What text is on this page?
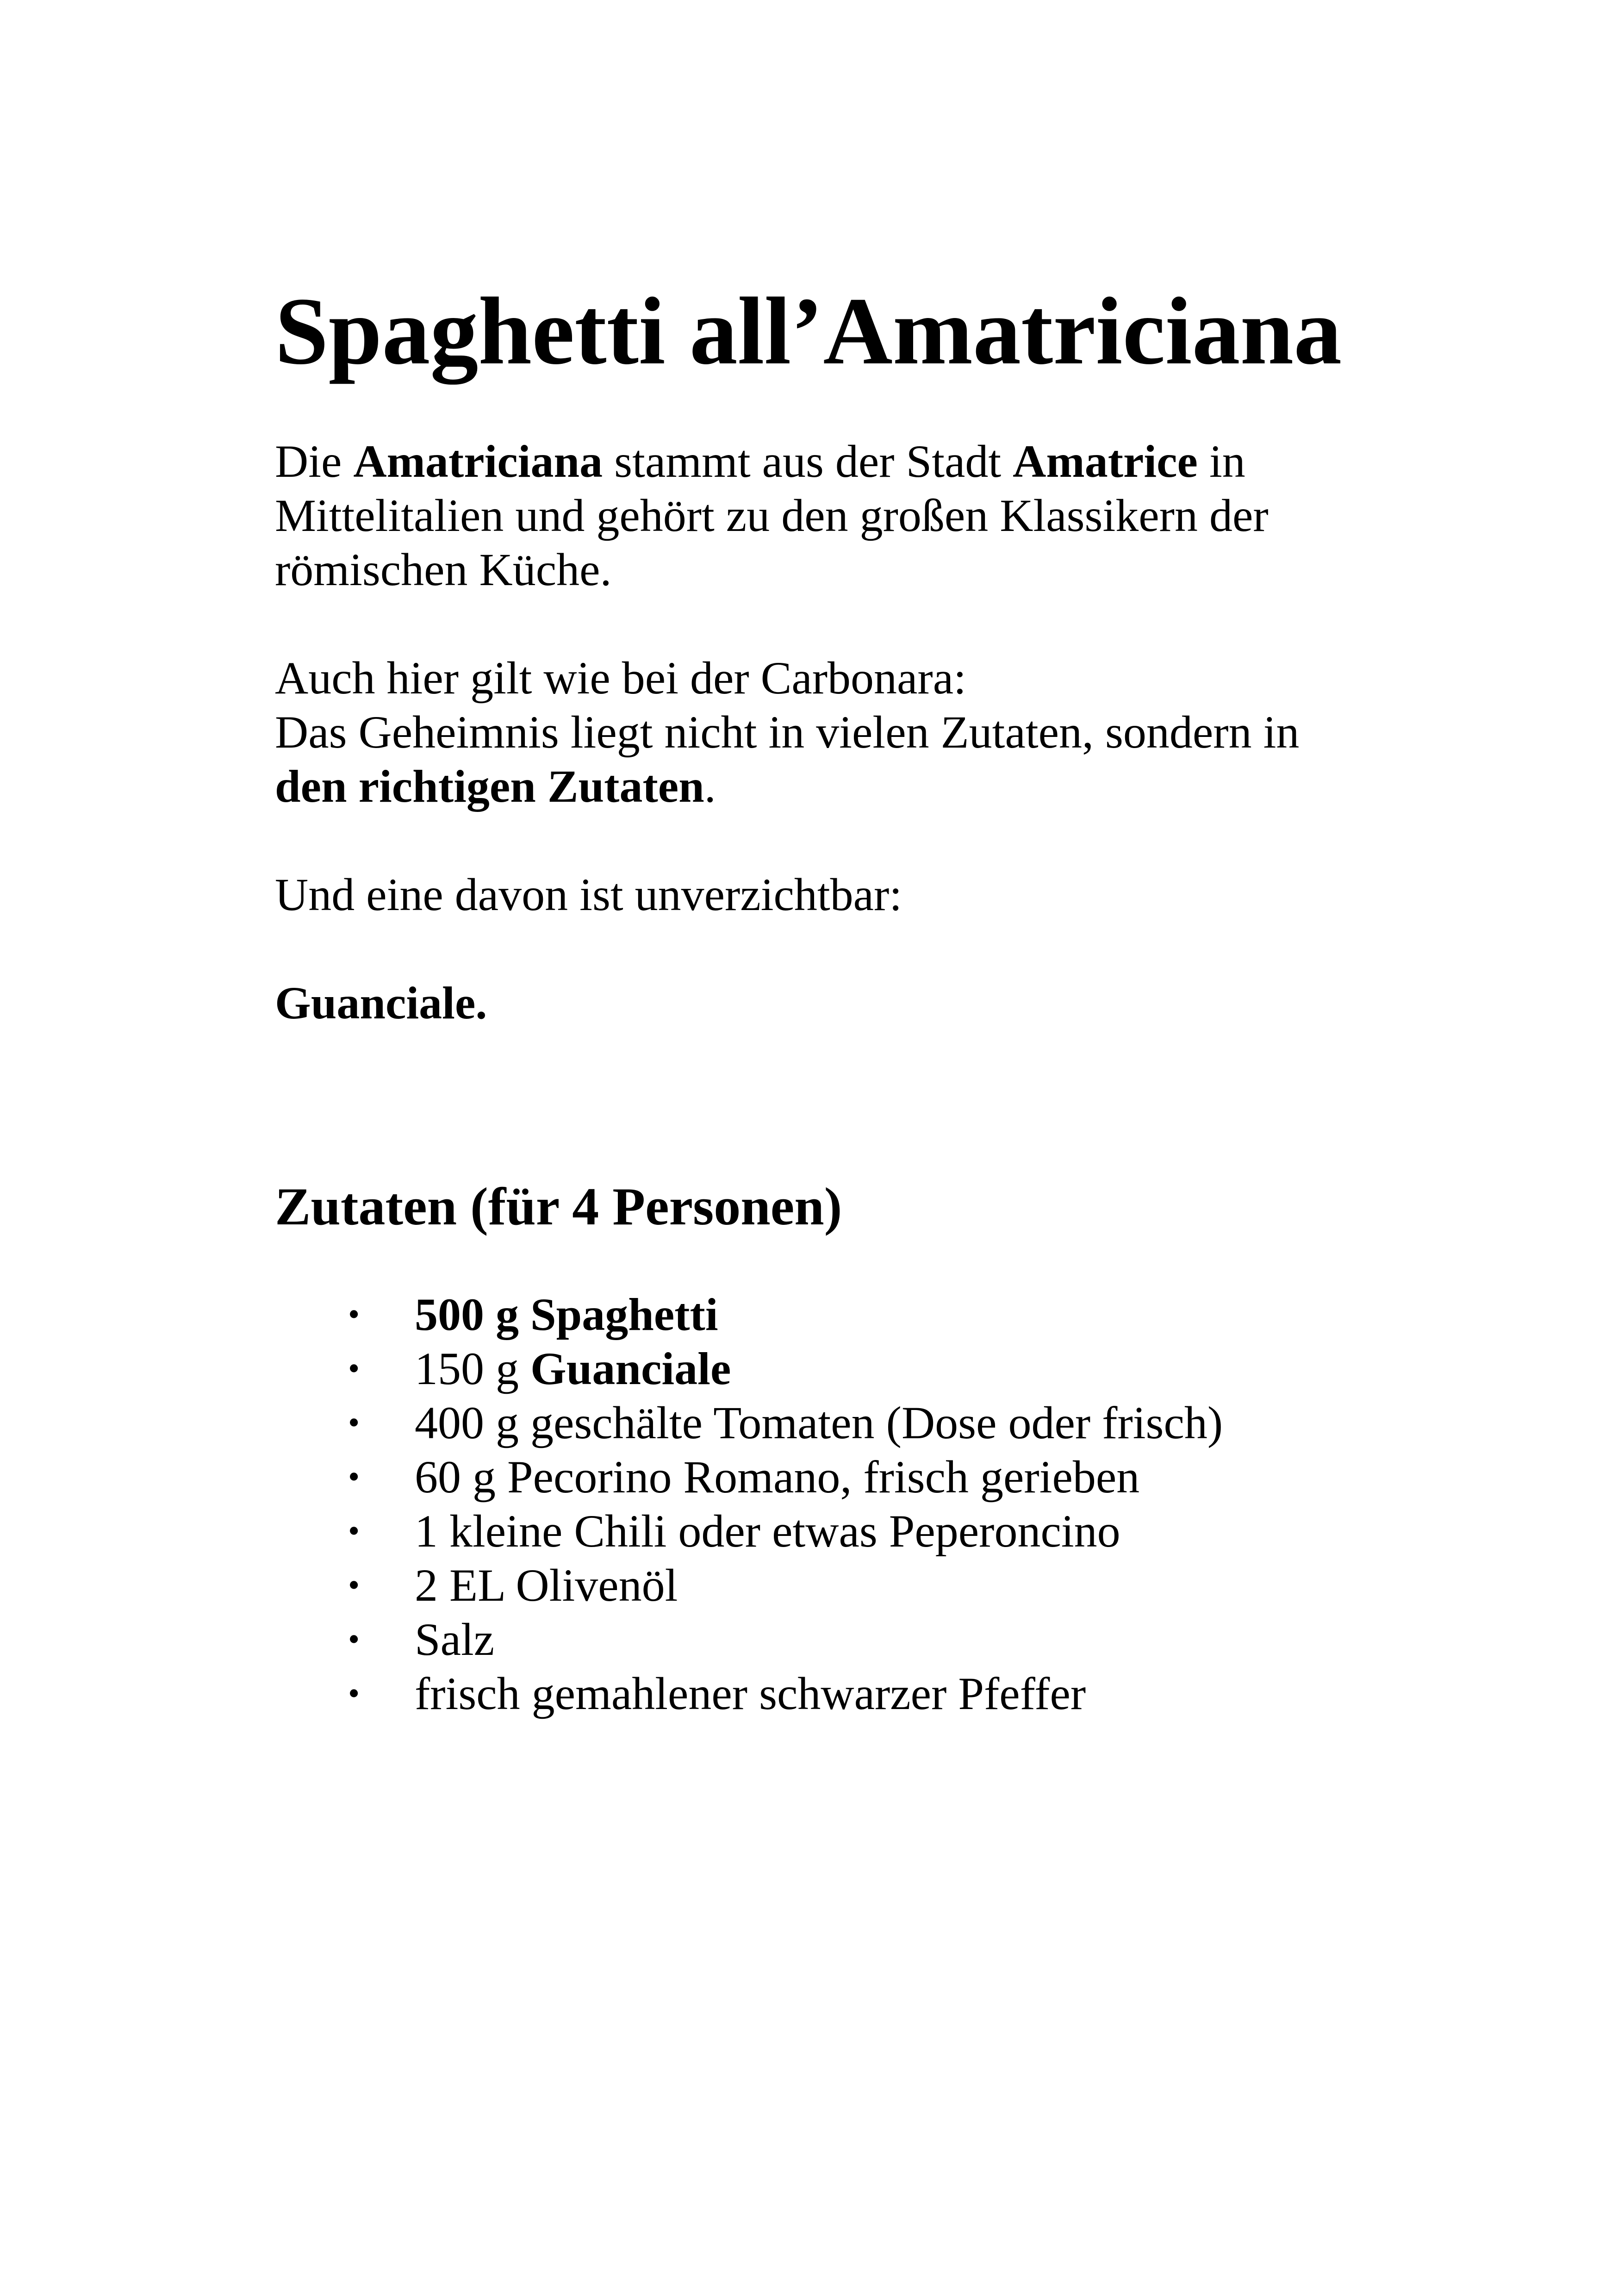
Spaghetti all’Amatriciana

Die Amatriciana stammt aus der Stadt Amatrice in
Mittelitalien und gehört zu den großen Klassikern der
römischen Küche.

Auch hier gilt wie bei der Carbonara:
Das Geheimnis liegt nicht in vielen Zutaten, sondern in
den richtigen Zutaten.

Und eine davon ist unverzichtbar:

Guanciale.

Zutaten (für 4 Personen)
• 500 g Spaghetti
• 150 g Guanciale
• 400 g geschälte Tomaten (Dose oder frisch)
• 60 g Pecorino Romano, frisch gerieben
• 1 kleine Chili oder etwas Peperoncino
• 2 EL Olivenöl
• Salz
• frisch gemahlener schwarzer Pfeffer
